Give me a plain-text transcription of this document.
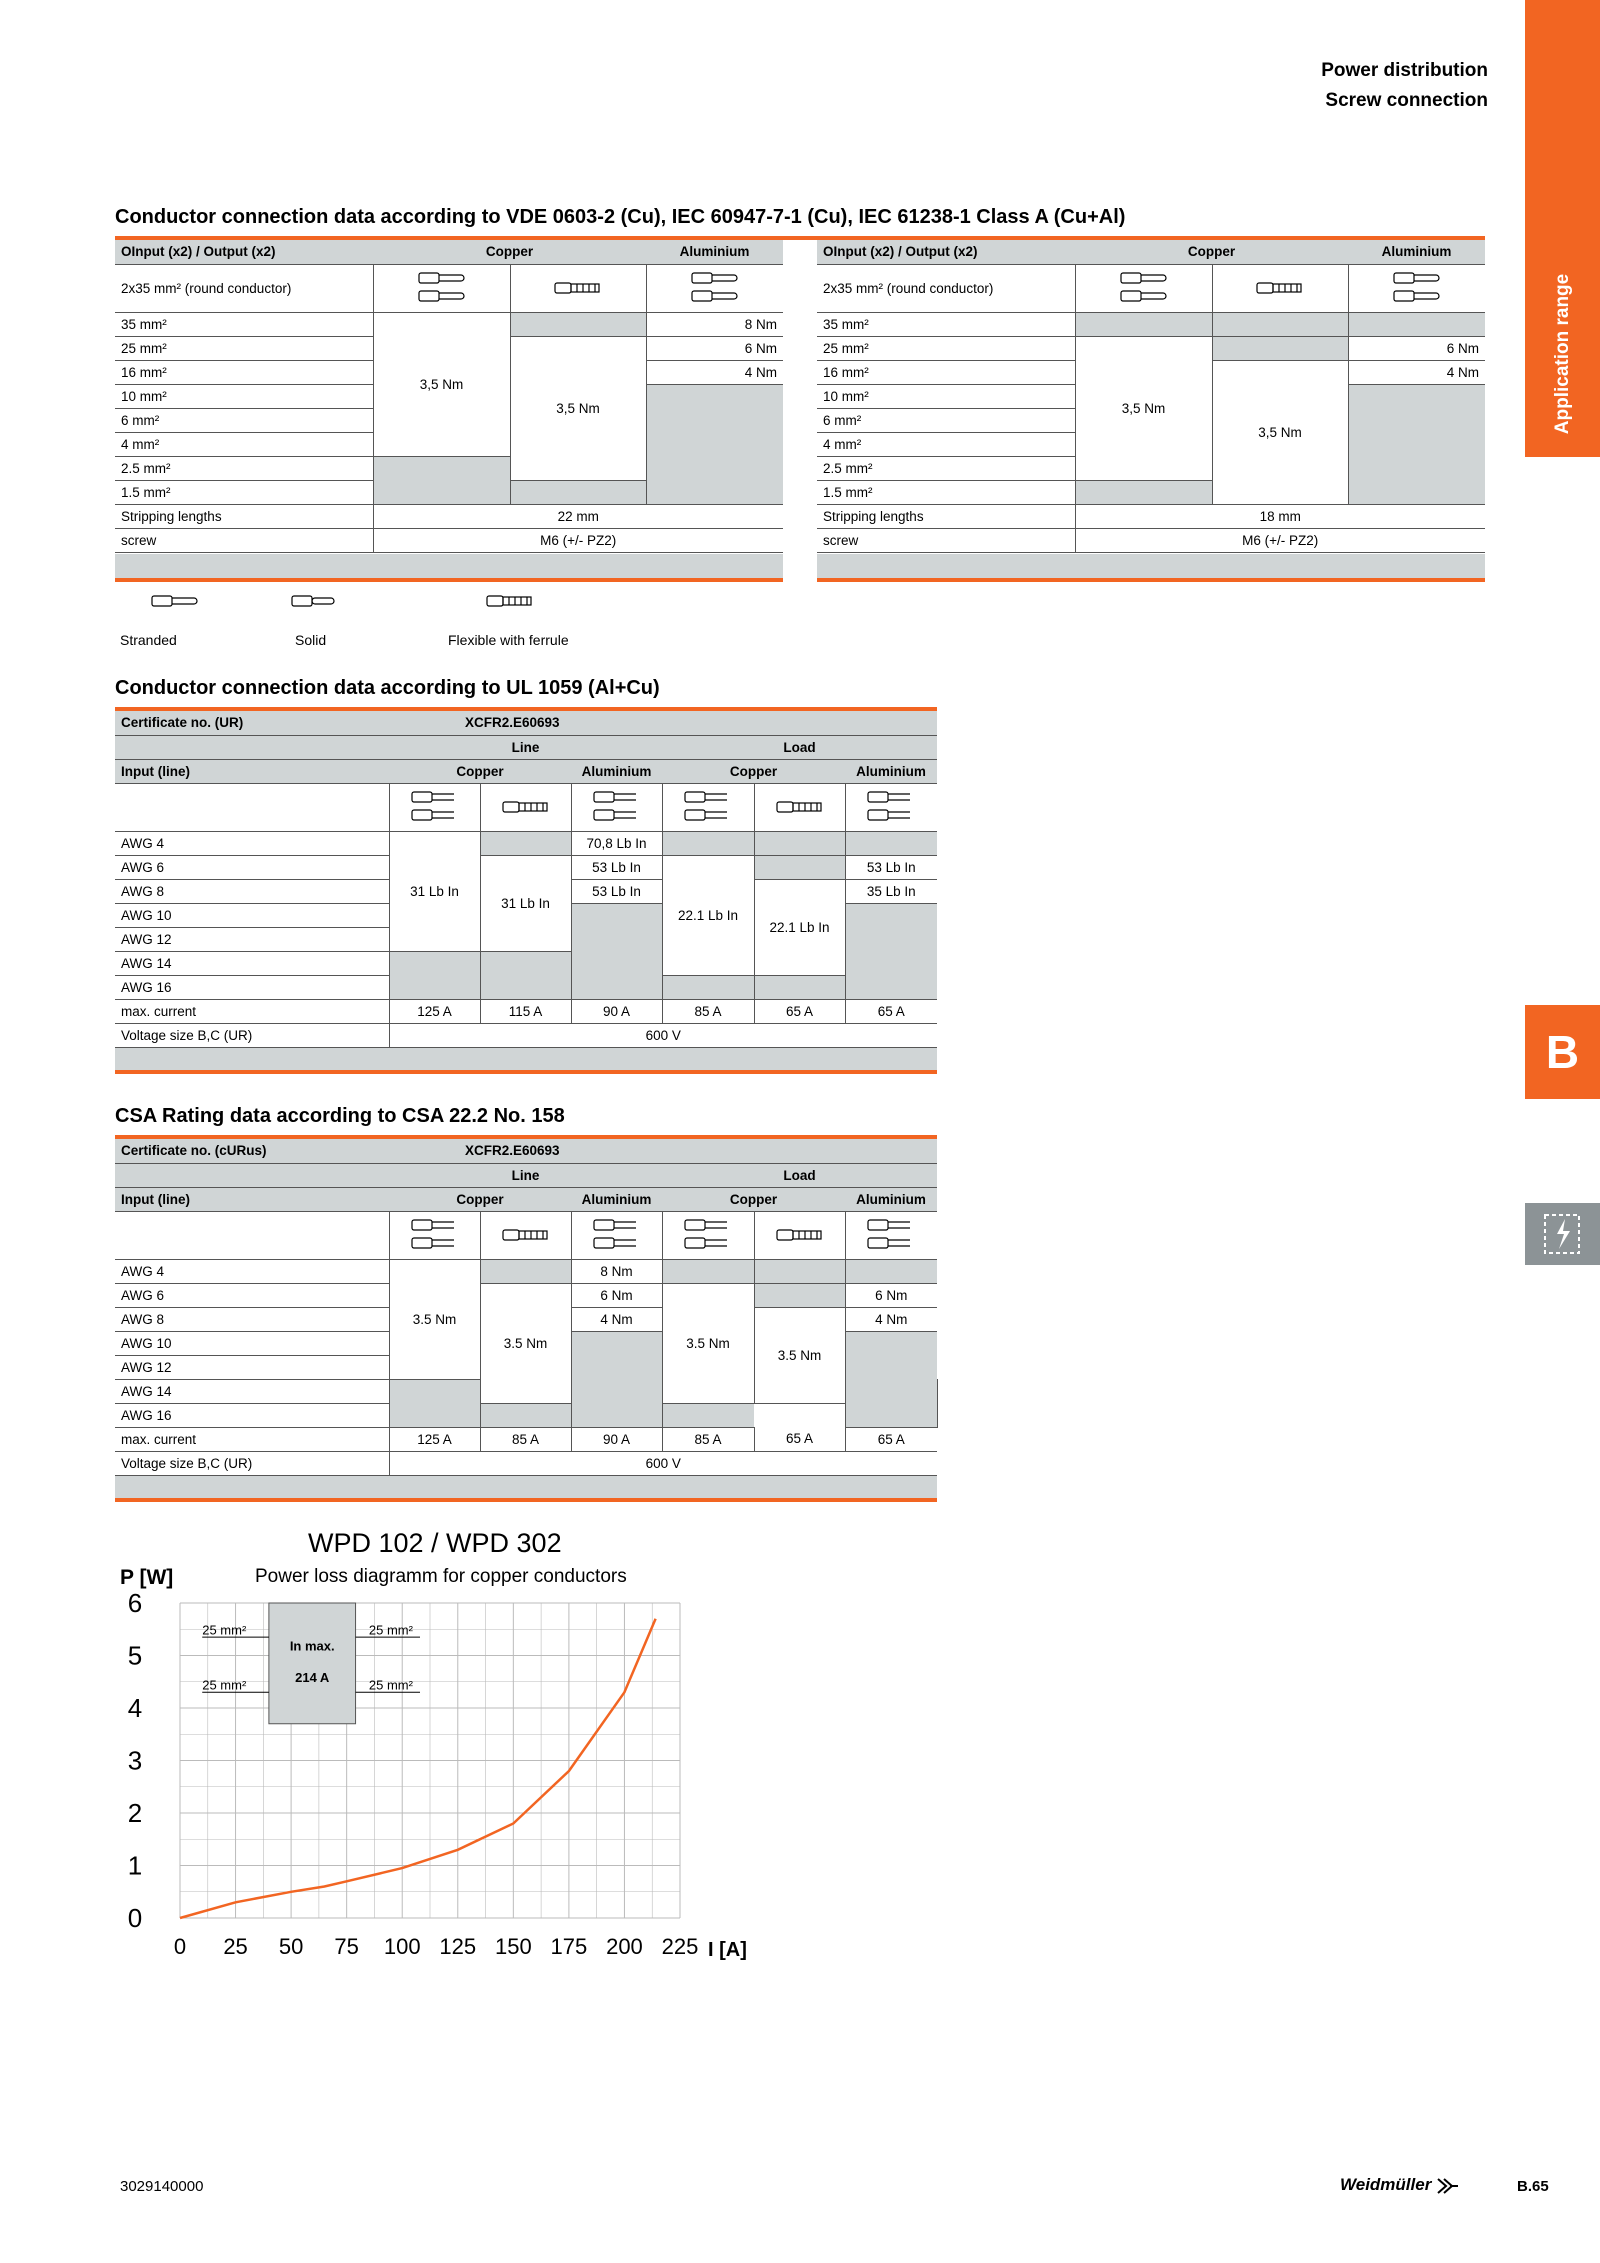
Application range
B
Power distribution
Screw connection
Conductor connection data according to VDE 0603-2 (Cu), IEC 60947-7-1 (Cu), IEC 61238-1 Class A (Cu+Al)
OInput (x2) / Output (x2)	Copper		Aluminium
2x35 mm² (round conductor)			
35 mm²	3,5 Nm		8 Nm
25 mm²		3,5 Nm	6 Nm
16 mm²			4 Nm
10 mm²			
6 mm²			
4 mm²			
2.5 mm²			
1.5 mm²			
Stripping lengths	22 mm		
screw	M6 (+/- PZ2)		
OInput (x2) / Output (x2)	Copper		Aluminium
2x35 mm² (round conductor)			
35 mm²			
25 mm²	3,5 Nm		6 Nm
16 mm²		3,5 Nm	4 Nm
10 mm²			
6 mm²			
4 mm²			
2.5 mm²			
1.5 mm²			
Stripping lengths	18 mm		
screw	M6 (+/- PZ2)		
Stranded	Solid	Flexible with ferrule
Conductor connection data according to UL 1059 (Al+Cu)
Certificate no. (UR)	XCFR2.E60693					
	Line			Load		
Input (line)	Copper		Aluminium	Copper		Aluminium

AWG 4	31 Lb In		70,8 Lb In			
AWG 6		31 Lb In	53 Lb In	22.1 Lb In		53 Lb In
AWG 8			53 Lb In		22.1 Lb In	35 Lb In
AWG 10						
AWG 12						
AWG 14						
AWG 16						
max. current	125 A	115 A	90 A	85 A	65 A	65 A
Voltage size B,C (UR)	600 V					
CSA Rating data according to CSA 22.2 No. 158
Certificate no. (cURus)	XCFR2.E60693						
	Line			Load			
Input (line)	Copper		Aluminium	Copper		Aluminium	

AWG 4	3.5 Nm		8 Nm				
AWG 6		3.5 Nm	6 Nm	3.5 Nm		6 Nm	
AWG 8			4 Nm		3.5 Nm	4 Nm	
AWG 10							
AWG 12							
AWG 14							
AWG 16							
max. current	125 A	85 A	90 A	85 A	65 A	65 A	
Voltage size B,C (UR)	600 V						
WPD 102 / WPD 302
P [W]	Power loss diagramm for copper conductors
0 25 50 75 100 125 150 175 200 225
0
1
2
3
4
5
6
In max.
214 A
25 mm²
25 mm²
25 mm²
25 mm²
I [A]
3029140000	Weidmüller	B.65
